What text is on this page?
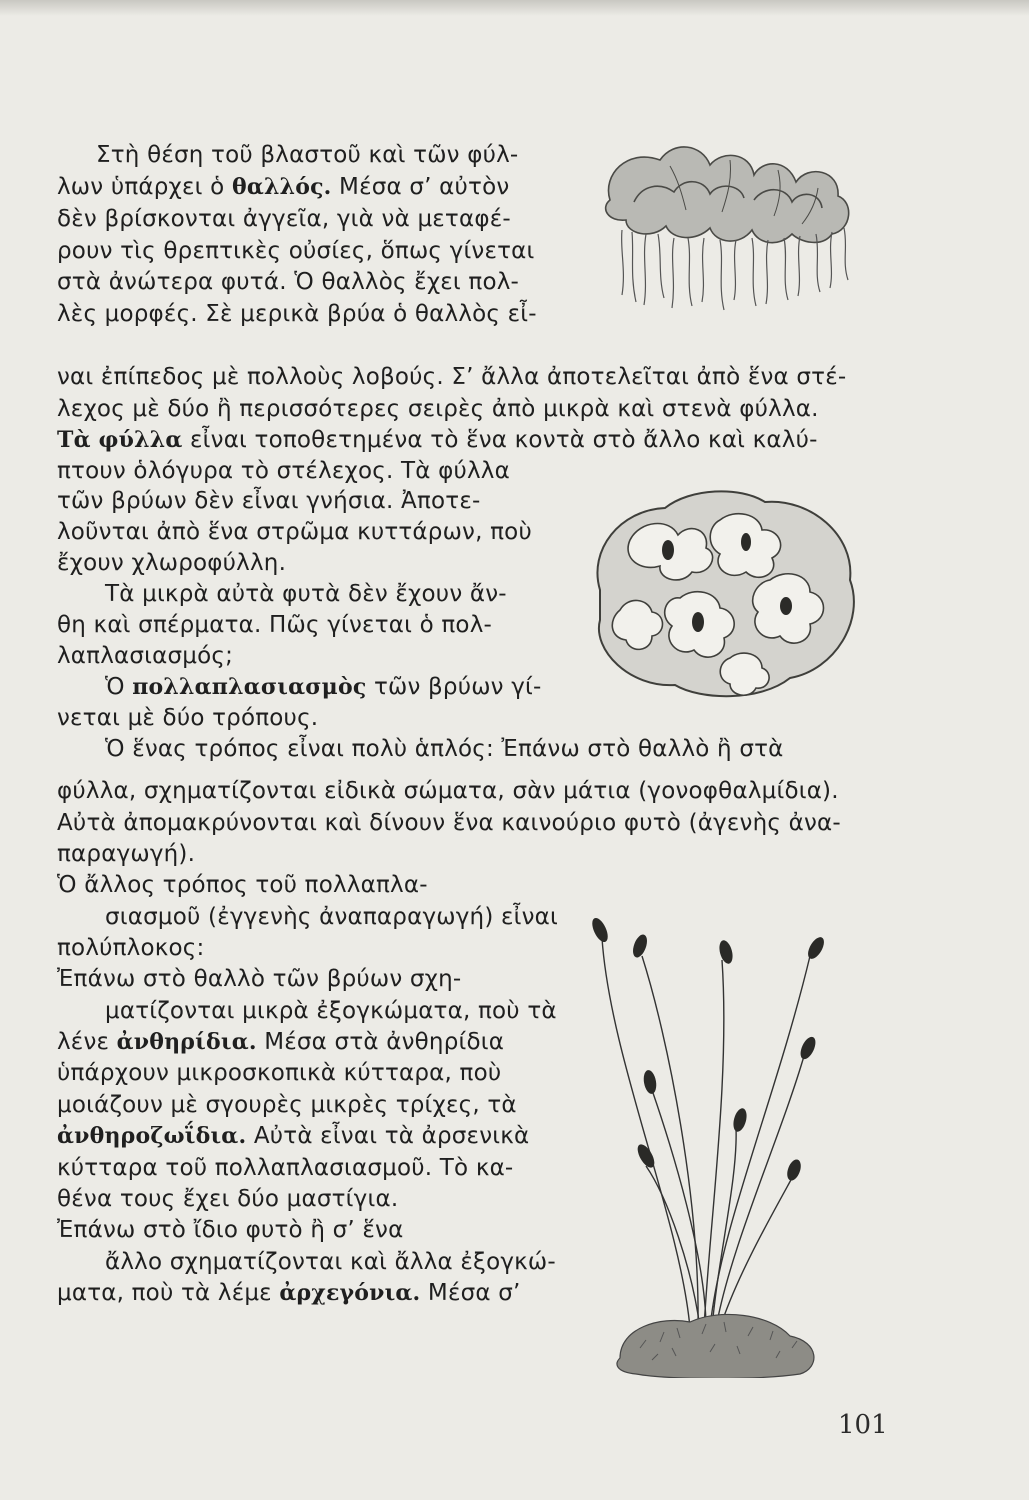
Στὴ θέση τοῦ βλαστοῦ καὶ τῶν φύλ-

λων ὑπάρχει ὁ θαλλός. Μέσα σ’ αὐτὸν

δὲν βρίσκονται ἀγγεῖα, γιὰ νὰ μεταφέ-

ρουν τὶς θρεπτικὲς οὐσίες, ὅπως γίνεται

στὰ ἀνώτερα φυτά. Ὁ θαλλὸς ἔχει πολ-

λὲς μορφές. Σὲ μερικὰ βρύα ὁ θαλλὸς εἶ-

ναι ἐπίπεδος μὲ πολλοὺς λοβούς. Σ’ ἄλλα ἀποτελεῖται ἀπὸ ἕνα στέ-

λεχος μὲ δύο ἢ περισσότερες σειρὲς ἀπὸ μικρὰ καὶ στενὰ φύλλα.

Τὰ φύλλα εἶναι τοποθετημένα τὸ ἕνα κοντὰ στὸ ἄλλο καὶ καλύ-

πτουν ὁλόγυρα τὸ στέλεχος. Τὰ φύλλα

τῶν βρύων δὲν εἶναι γνήσια. Ἀποτε-

λοῦνται ἀπὸ ἕνα στρῶμα κυττάρων, ποὺ

ἔχουν χλωροφύλλη.

Τὰ μικρὰ αὐτὰ φυτὰ δὲν ἔχουν ἄν-

θη καὶ σπέρματα. Πῶς γίνεται ὁ πολ-

λαπλασιασμός;

Ὁ πολλαπλασιασμὸς τῶν βρύων γί-

νεται μὲ δύο τρόπους.

Ὁ ἕνας τρόπος εἶναι πολὺ ἁπλός: Ἐπάνω στὸ θαλλὸ ἢ στὰ

φύλλα, σχηματίζονται εἰδικὰ σώματα, σὰν μάτια (γονοφθαλμίδια).

Αὐτὰ ἀπομακρύνονται καὶ δίνουν ἕνα καινούριο φυτὸ (ἀγενὴς ἀνα-

παραγωγή).

Ὁ ἄλλος τρόπος τοῦ πολλαπλα-

σιασμοῦ (ἐγγενὴς ἀναπαραγωγή) εἶναι

πολύπλοκος:

Ἐπάνω στὸ θαλλὸ τῶν βρύων σχη-

ματίζονται μικρὰ ἐξογκώματα, ποὺ τὰ

λένε ἀνθηρίδια. Μέσα στὰ ἀνθηρίδια

ὑπάρχουν μικροσκοπικὰ κύτταρα, ποὺ

μοιάζουν μὲ σγουρὲς μικρὲς τρίχες, τὰ

ἀνθηροζωΐδια. Αὐτὰ εἶναι τὰ ἀρσενικὰ

κύτταρα τοῦ πολλαπλασιασμοῦ. Τὸ κα-

θένα τους ἔχει δύο μαστίγια.

Ἐπάνω στὸ ἴδιο φυτὸ ἢ σ’ ἕνα

ἄλλο σχηματίζονται καὶ ἄλλα ἐξογκώ-

ματα, ποὺ τὰ λέμε ἀρχεγόνια. Μέσα σ’

101
